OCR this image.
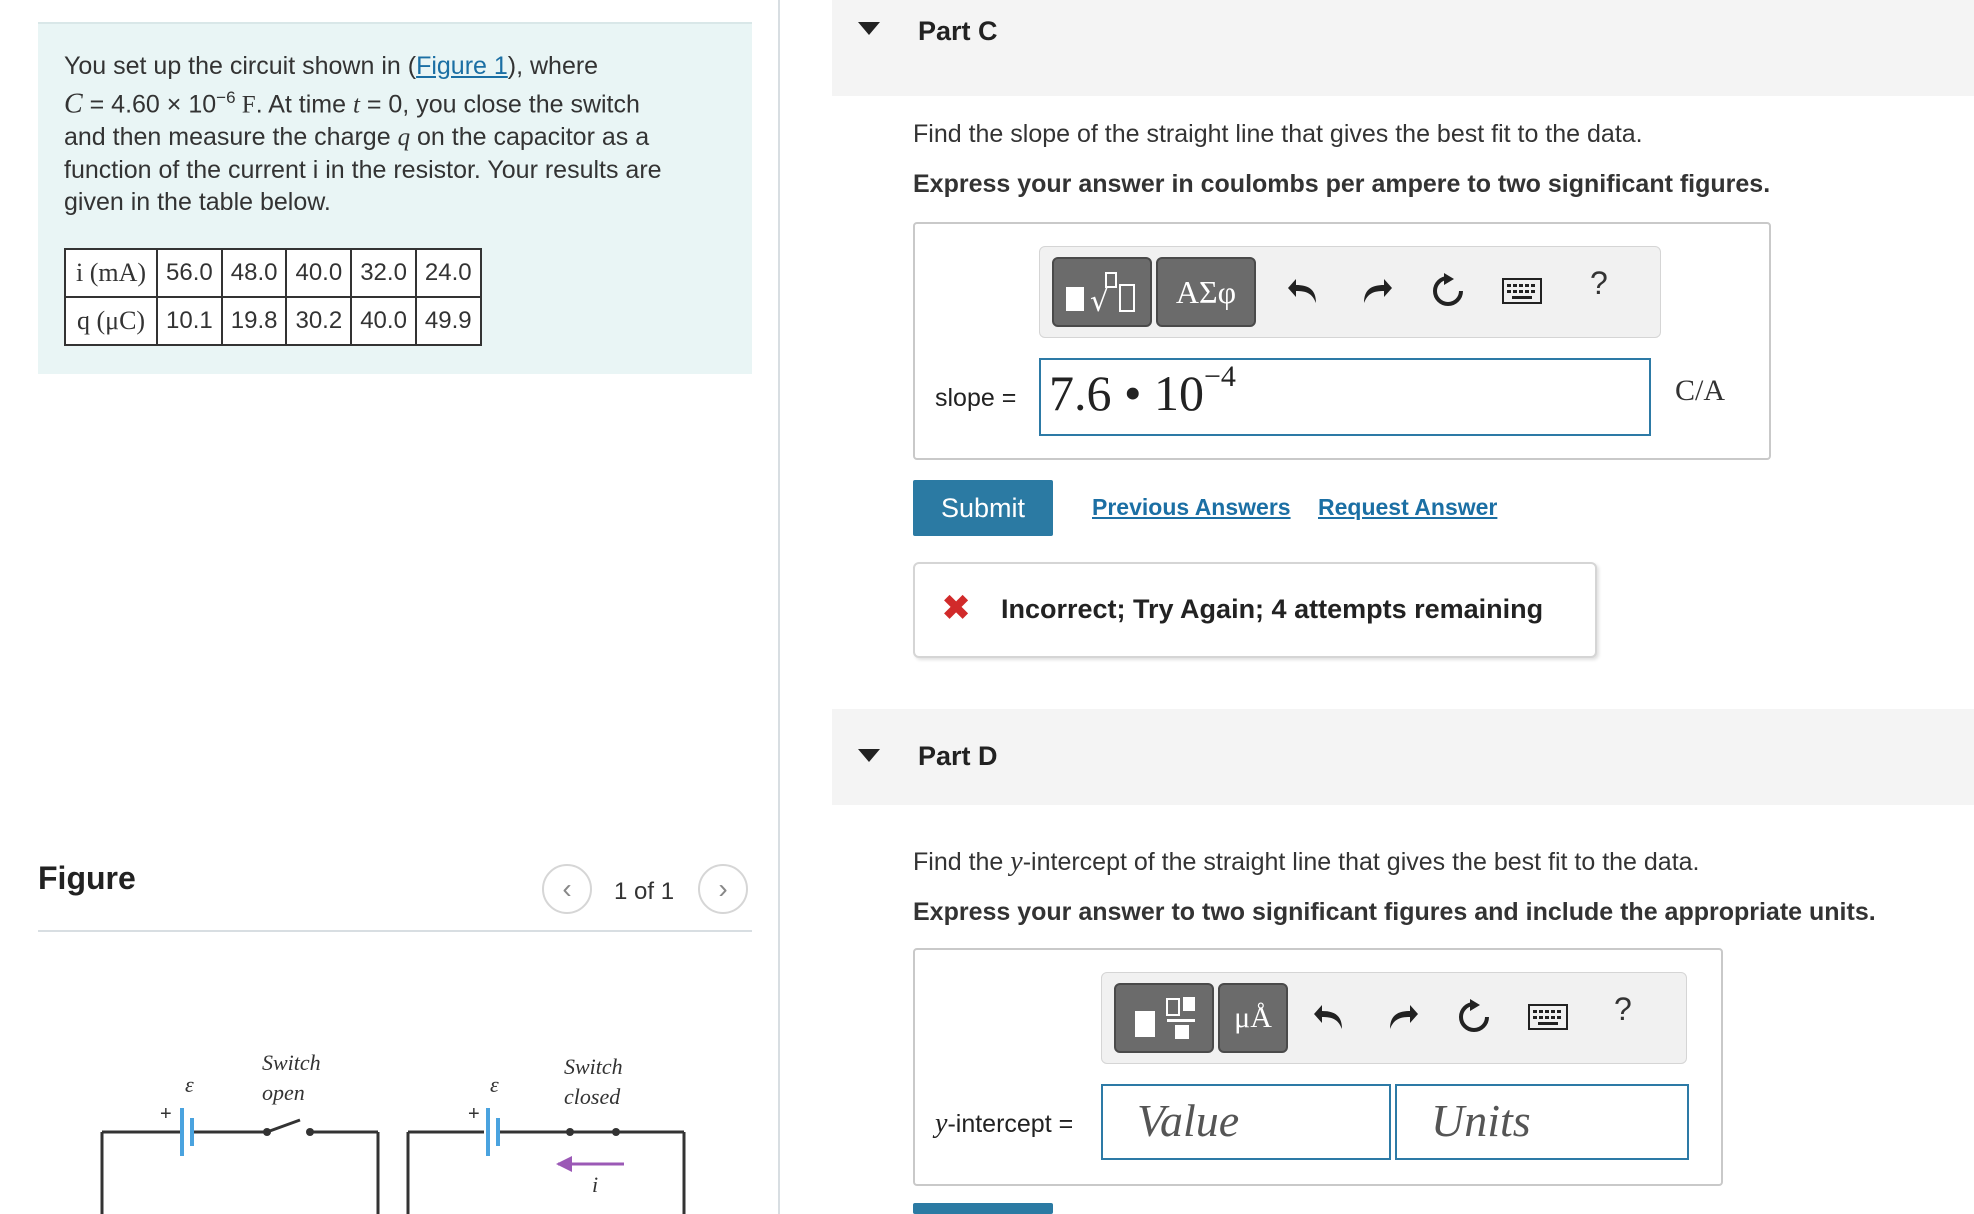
You set up the circuit shown in (Figure 1), where
$C = 4.60 \times 10^{-6}$ F. At time t = 0, you close the switch
and then measure the charge q on the capacitor as a
function of the current i in the resistor. Your results are
given in the table below.
i (mA)	56.0	48.0	40.0	32.0	24.0
q (μC)	10.1	19.8	30.2	40.0	49.9
Figure	‹ 1 of 1 ›
ε
+
Switch
open	ε
+
Switch
closed
i
Part C
Find the slope of the straight line that gives the best fit to the data.
Express your answer in coulombs per ampere to two significant figures.
√	ΑΣφ	?
slope = 7.6 • $10^{-4}$	C/A
Submit	Previous Answers Request Answer
✖ Incorrect; Try Again; 4 attempts remaining
Part D
Find the y-intercept of the straight line that gives the best fit to the data.
Express your answer to two significant figures and include the appropriate units.
μÅ	?
y-intercept = Value	Units
